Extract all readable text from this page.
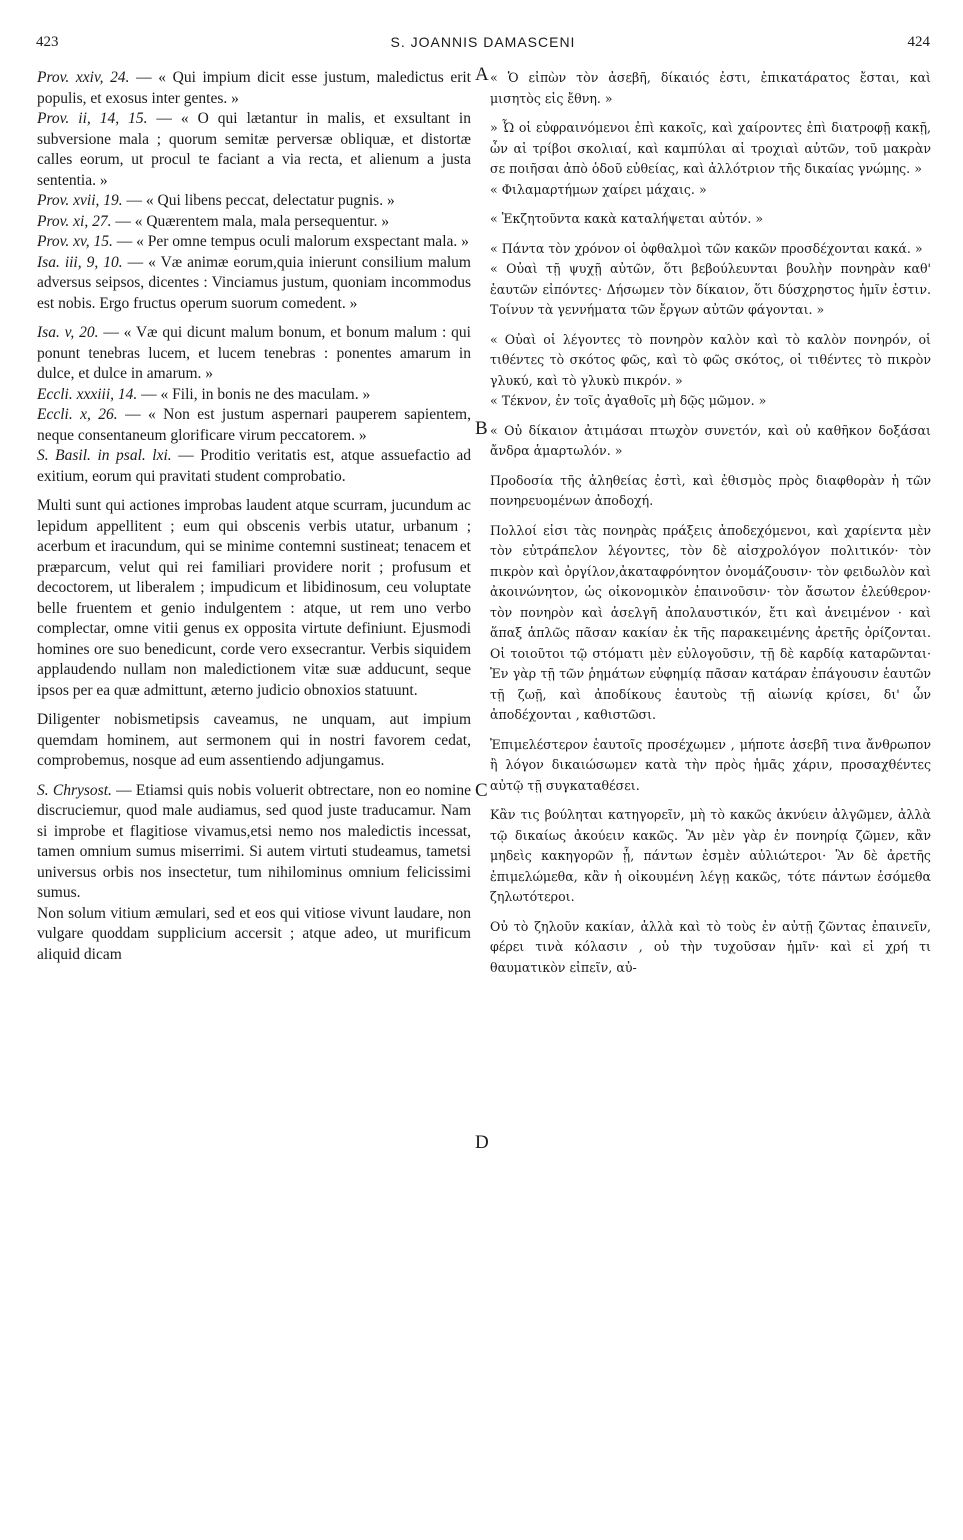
423	S. JOANNIS DAMASCENI	424
A
B
C
D

Prov. xxiv, 24. — « Qui impium dicit esse justum, maledictus erit populis, et exosus inter gentes. »

Prov. ii, 14, 15. — « O qui lætantur in malis, et exsultant in subversione mala ; quorum semitæ perversæ obliquæ, et distortæ calles eorum, ut procul te faciant a via recta, et alienum a justa sententia. »

Prov. xvii, 19. — « Qui libens peccat, delectatur pugnis. »

Prov. xi, 27. — « Quærentem mala, mala persequentur. »

Prov. xv, 15. — « Per omne tempus oculi malorum exspectant mala. »

Isa. iii, 9, 10. — « Væ animæ eorum,quia inierunt consilium malum adversus seipsos, dicentes : Vinciamus justum, quoniam incommodus est nobis. Ergo fructus operum suorum comedent. »

Isa. v, 20. — « Væ qui dicunt malum bonum, et bonum malum : qui ponunt tenebras lucem, et lucem tenebras : ponentes amarum in dulce, et dulce in amarum. »

Eccli. xxxiii, 14. — « Fili, in bonis ne des maculam. »

Eccli. x, 26. — « Non est justum aspernari pauperem sapientem, neque consentaneum glorificare virum peccatorem. »

S. Basil. in psal. lxi. — Proditio veritatis est, atque assuefactio ad exitium, eorum qui pravitati student comprobatio.

Multi sunt qui actiones improbas laudent atque scurram, jucundum ac lepidum appellitent ; eum qui obscenis verbis utatur, urbanum ; acerbum et iracundum, qui se minime contemni sustineat; tenacem et præparcum, velut qui rei familiari providere norit ; profusum et decoctorem, ut liberalem ; impudicum et libidinosum, ceu voluptate belle fruentem et genio indulgentem : atque, ut rem uno verbo complectar, omne vitii genus ex opposita virtute definiunt. Ejusmodi homines ore suo benedicunt, corde vero exsecrantur. Verbis siquidem applaudendo nullam non maledictionem vitæ suæ adducunt, seque ipsos per ea quæ admittunt, æterno judicio obnoxios statuunt.

Diligenter nobismetipsis caveamus, ne unquam, aut impium quemdam hominem, aut sermonem qui in nostri favorem cedat, comprobemus, nosque ad eum assentiendo adjungamus.

S. Chrysost. — Etiamsi quis nobis voluerit obtrectare, non eo nomine discruciemur, quod male audiamus, sed quod juste traducamur. Nam si improbe et flagitiose vivamus,etsi nemo nos maledictis incessat, tamen omnium sumus miserrimi. Si autem virtuti studeamus, tametsi universus orbis nos insectetur, tum nihilominus omnium felicissimi sumus.

Non solum vitium æmulari, sed et eos qui vitiose vivunt laudare, non vulgare quoddam supplicium accersit ; atque adeo, ut murificum aliquid dicam

« Ὁ εἰπὼν τὸν ἀσεβῆ, δίκαιός ἐστι, ἐπικατάρατος ἔσται, καὶ μισητὸς εἰς ἔθνη. »

» Ὦ οἱ εὐφραινόμενοι ἐπὶ κακοῖς, καὶ χαίροντες ἐπὶ διατροφῇ κακῇ, ὧν αἱ τρίβοι σκολιαί, καὶ καμπύλαι αἱ τροχιαὶ αὐτῶν, τοῦ μακρὰν σε ποιῆσαι ἀπὸ ὁδοῦ εὐθείας, καὶ ἀλλότριον τῆς δικαίας γνώμης. »

« Φιλαμαρτήμων χαίρει μάχαις. »

« Ἐκζητοῦντα κακὰ καταλήψεται αὐτόν. »

« Πάντα τὸν χρόνον οἱ ὀφθαλμοὶ τῶν κακῶν προσδέχονται κακά. »

« Οὐαὶ τῇ ψυχῇ αὐτῶν, ὅτι βεβούλευνται βουλὴν πονηρὰν καθ' ἑαυτῶν εἰπόντες· Δήσωμεν τὸν δίκαιον, ὅτι δύσχρηστος ἡμῖν ἐστιν. Τοίνυν τὰ γεννήματα τῶν ἔργων αὐτῶν φάγονται. »

« Οὐαὶ οἱ λέγοντες τὸ πονηρὸν καλὸν καὶ τὸ καλὸν πονηρόν, οἱ τιθέντες τὸ σκότος φῶς, καὶ τὸ φῶς σκότος, οἱ τιθέντες τὸ πικρὸν γλυκύ, καὶ τὸ γλυκὺ πικρόν. »

« Τέκνον, ἐν τοῖς ἀγαθοῖς μὴ δῷς μῶμον. »

« Οὐ δίκαιον ἀτιμάσαι πτωχὸν συνετόν, καὶ οὐ καθῆκον δοξάσαι ἄνδρα ἁμαρτωλόν. »

Προδοσία τῆς ἀληθείας ἐστὶ, καὶ ἐθισμὸς πρὸς διαφθορὰν ἡ τῶν πονηρευομένων ἀποδοχή.

Πολλοί εἰσι τὰς πονηρὰς πράξεις ἀποδεχόμενοι, καὶ χαρίεντα μὲν τὸν εὐτράπελον λέγοντες, τὸν δὲ αἰσχρολόγον πολιτικόν· τὸν πικρὸν καὶ ὀργίλον,ἀκαταφρόνητον ὀνομάζουσιν· τὸν φειδωλὸν καὶ ἀκοινώνητον, ὡς οἰκονομικὸν ἐπαινοῦσιν· τὸν ἄσωτον ἐλεύθερον· τὸν πονηρὸν καὶ ἀσελγῆ ἀπολαυστικόν, ἔτι καὶ ἀνειμένον · καὶ ἅπαξ ἁπλῶς πᾶσαν κακίαν ἐκ τῆς παρακειμένης ἀρετῆς ὁρίζονται. Οἱ τοιοῦτοι τῷ στόματι μὲν εὐλογοῦσιν, τῇ δὲ καρδίᾳ καταρῶνται· Ἐν γὰρ τῇ τῶν ῥημάτων εὐφημίᾳ πᾶσαν κατάραν ἐπάγουσιν ἑαυτῶν τῇ ζωῇ, καὶ ἀποδίκους ἑαυτοὺς τῇ αἰωνίᾳ κρίσει, δι' ὧν ἀποδέχονται , καθιστῶσι.

Ἐπιμελέστερον ἑαυτοῖς προσέχωμεν , μήποτε ἀσεβῆ τινα ἄνθρωπον ἢ λόγον δικαιώσωμεν κατὰ τὴν πρὸς ἡμᾶς χάριν, προσαχθέντες αὐτῷ τῇ συγκαταθέσει.

Κἂν τις βούληται κατηγορεῖν, μὴ τὸ κακῶς ἀκνύειν ἀλγῶμεν, ἀλλὰ τῷ δικαίως ἀκούειν κακῶς. Ἂν μὲν γὰρ ἐν πονηρίᾳ ζῶμεν, κἂν μηδεὶς κακηγορῶν ᾖ, πάντων ἐσμὲν αὐλιώτεροι· Ἂν δὲ ἀρετῆς ἐπιμελώμεθα, κἂν ἡ οἰκουμένη λέγῃ κακῶς, τότε πάντων ἐσόμεθα ζηλωτότεροι.

Οὐ τὸ ζηλοῦν κακίαν, ἀλλὰ καὶ τὸ τοὺς ἐν αὐτῇ ζῶντας ἐπαινεῖν, φέρει τινὰ κόλασιν , οὐ τὴν τυχοῦσαν ἡμῖν· καὶ εἰ χρή τι θαυματικὸν εἰπεῖν, αὐ-
